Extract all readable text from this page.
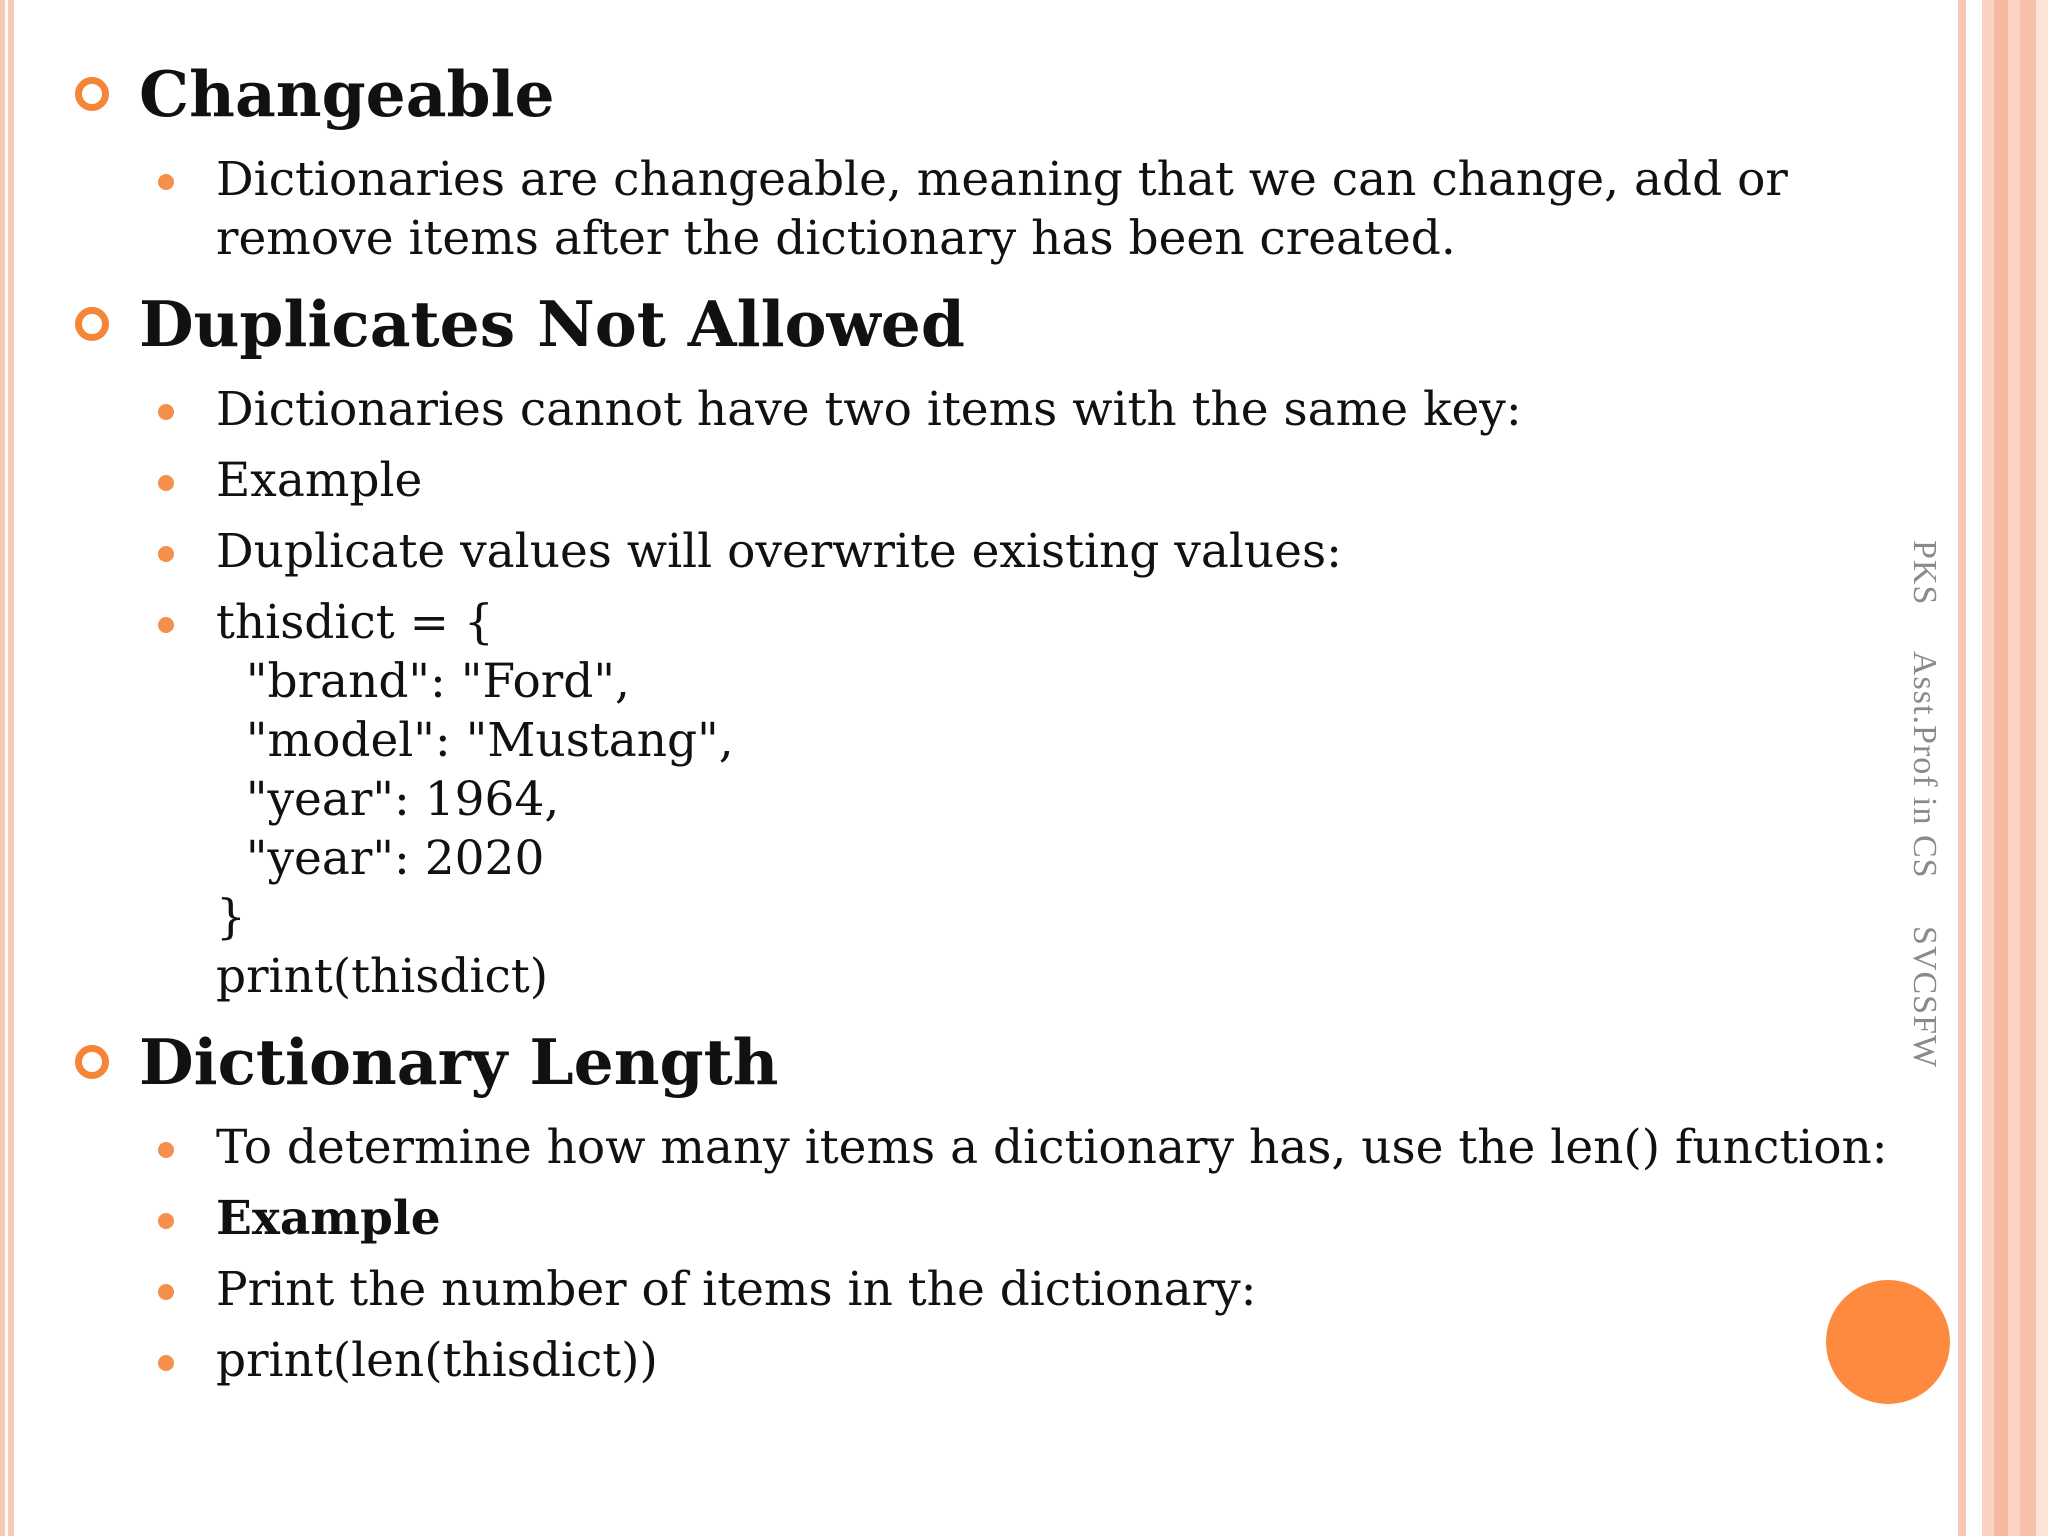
Changeable
Dictionaries are changeable, meaning that we can change, add or
remove items after the dictionary has been created.
Duplicates Not Allowed
Dictionaries cannot have two items with the same key:
Example
Duplicate values will overwrite existing values:
thisdict = {
"brand": "Ford",
"model": "Mustang",
"year": 1964,
"year": 2020
}
print(thisdict)
Dictionary Length
To determine how many items a dictionary has, use the len() function:
Example
Print the number of items in the dictionary:
print(len(thisdict))
PKS     Asst.Prof in CS     SVCSFW
